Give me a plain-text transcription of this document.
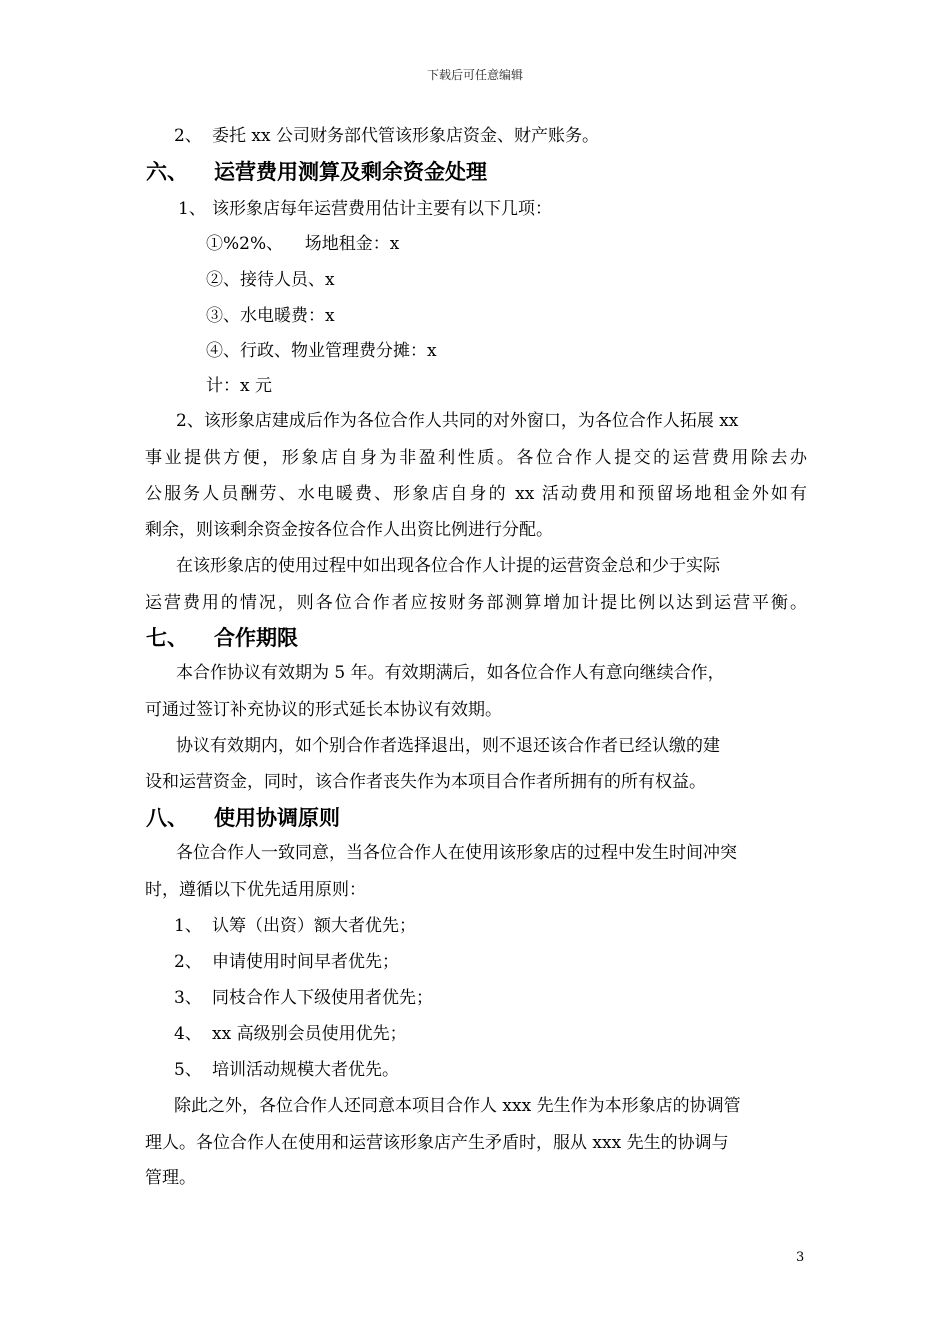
下载后可任意编辑
2、 委托 xx 公司财务部代管该形象店资金、财产账务。
六、 运营费用测算及剩余资金处理
1、 该形象店每年运营费用估计主要有以下几项：
①%2%、    场地租金：x
②、接待人员、x
③、水电暖费：x
④、行政、物业管理费分摊：x
计：x 元
2、该形象店建成后作为各位合作人共同的对外窗口，为各位合作人拓展 xx
事业提供方便，形象店自身为非盈利性质。各位合作人提交的运营费用除去办
公服务人员酬劳、水电暖费、形象店自身的 xx 活动费用和预留场地租金外如有
剩余，则该剩余资金按各位合作人出资比例进行分配。
在该形象店的使用过程中如出现各位合作人计提的运营资金总和少于实际
运营费用的情况，则各位合作者应按财务部测算增加计提比例以达到运营平衡。
七、 合作期限
本合作协议有效期为 5 年。有效期满后，如各位合作人有意向继续合作，
可通过签订补充协议的形式延长本协议有效期。
协议有效期内，如个别合作者选择退出，则不退还该合作者已经认缴的建
设和运营资金，同时，该合作者丧失作为本项目合作者所拥有的所有权益。
八、 使用协调原则
各位合作人一致同意，当各位合作人在使用该形象店的过程中发生时间冲突
时，遵循以下优先适用原则：
1、 认筹（出资）额大者优先；
2、 申请使用时间早者优先；
3、 同枝合作人下级使用者优先；
4、 xx 高级别会员使用优先；
5、 培训活动规模大者优先。
除此之外，各位合作人还同意本项目合作人 xxx 先生作为本形象店的协调管
理人。各位合作人在使用和运营该形象店产生矛盾时，服从 xxx 先生的协调与
管理。
3
